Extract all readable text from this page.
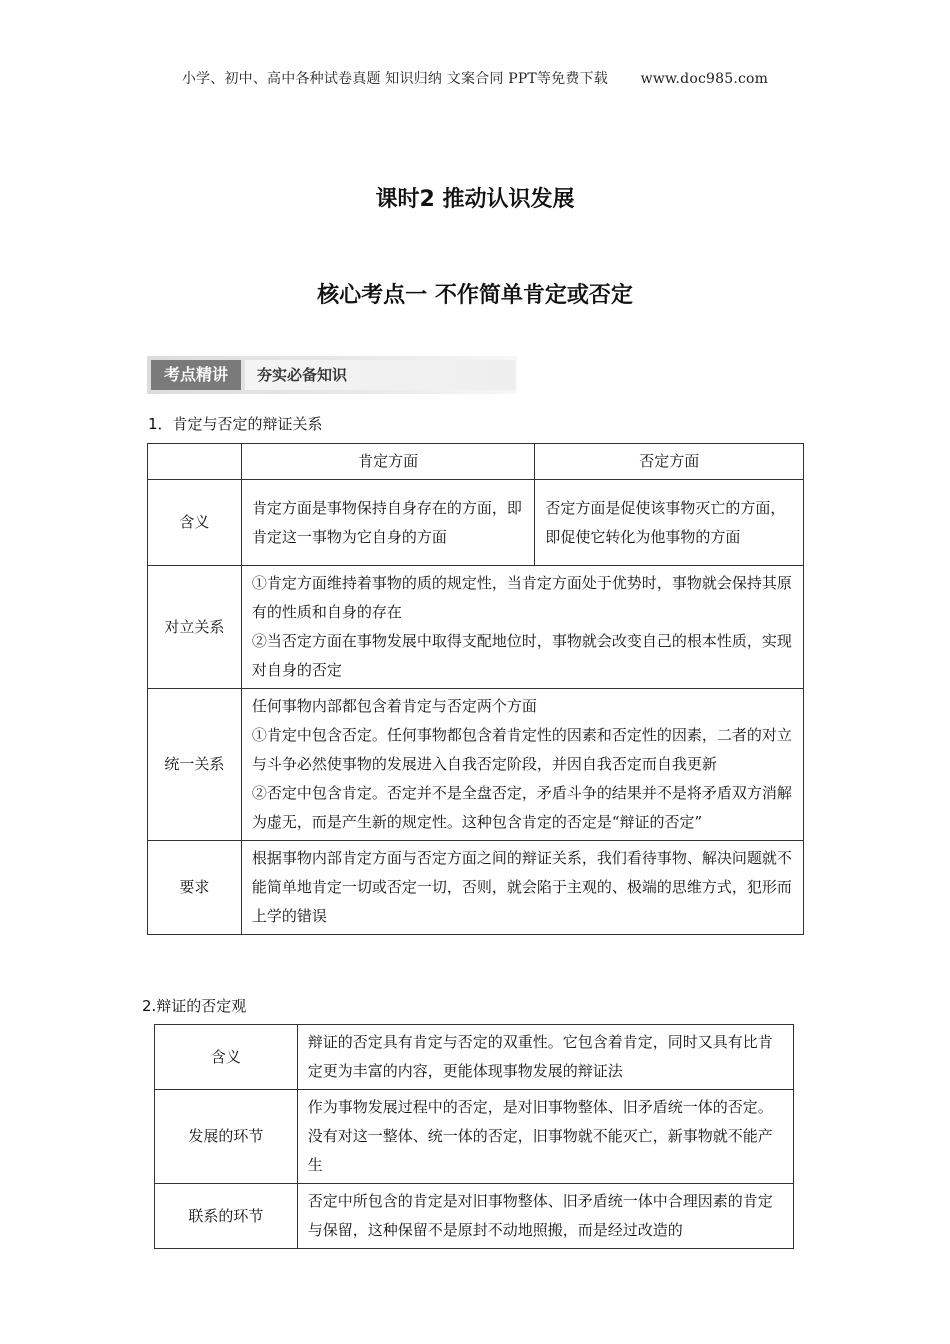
小学、初中、高中各种试卷真题 知识归纳 文案合同 PPT等免费下载 www.doc985.com
课时2 推动认识发展
核心考点一 不作简单肯定或否定
考点精讲	夯实必备知识
1．肯定与否定的辩证关系
	肯定方面	否定方面
含义	肯定方面是事物保持自身存在的方面，即肯定这一事物为它自身的方面	否定方面是促使该事物灭亡的方面，即促使它转化为他事物的方面
对立关系	①肯定方面维持着事物的质的规定性，当肯定方面处于优势时，事物就会保持其原有的性质和自身的存在
②当否定方面在事物发展中取得支配地位时，事物就会改变自己的根本性质，实现对自身的否定	

统一关系	任何事物内部都包含着肯定与否定两个方面
①肯定中包含否定。任何事物都包含着肯定性的因素和否定性的因素，二者的对立与斗争必然使事物的发展进入自我否定阶段，并因自我否定而自我更新
②否定中包含肯定。否定并不是全盘否定，矛盾斗争的结果并不是将矛盾双方消解为虚无，而是产生新的规定性。这种包含肯定的否定是“辩证的否定”	

要求	根据事物内部肯定方面与否定方面之间的辩证关系，我们看待事物、解决问题就不能简单地肯定一切或否定一切，否则，就会陷于主观的、极端的思维方式，犯形而上学的错误	
2.辩证的否定观
含义	辩证的否定具有肯定与否定的双重性。它包含着肯定，同时又具有比肯定更为丰富的内容，更能体现事物发展的辩证法
发展的环节	作为事物发展过程中的否定，是对旧事物整体、旧矛盾统一体的否定。没有对这一整体、统一体的否定，旧事物就不能灭亡，新事物就不能产生
联系的环节	否定中所包含的肯定是对旧事物整体、旧矛盾统一体中合理因素的肯定与保留，这种保留不是原封不动地照搬，而是经过改造的
